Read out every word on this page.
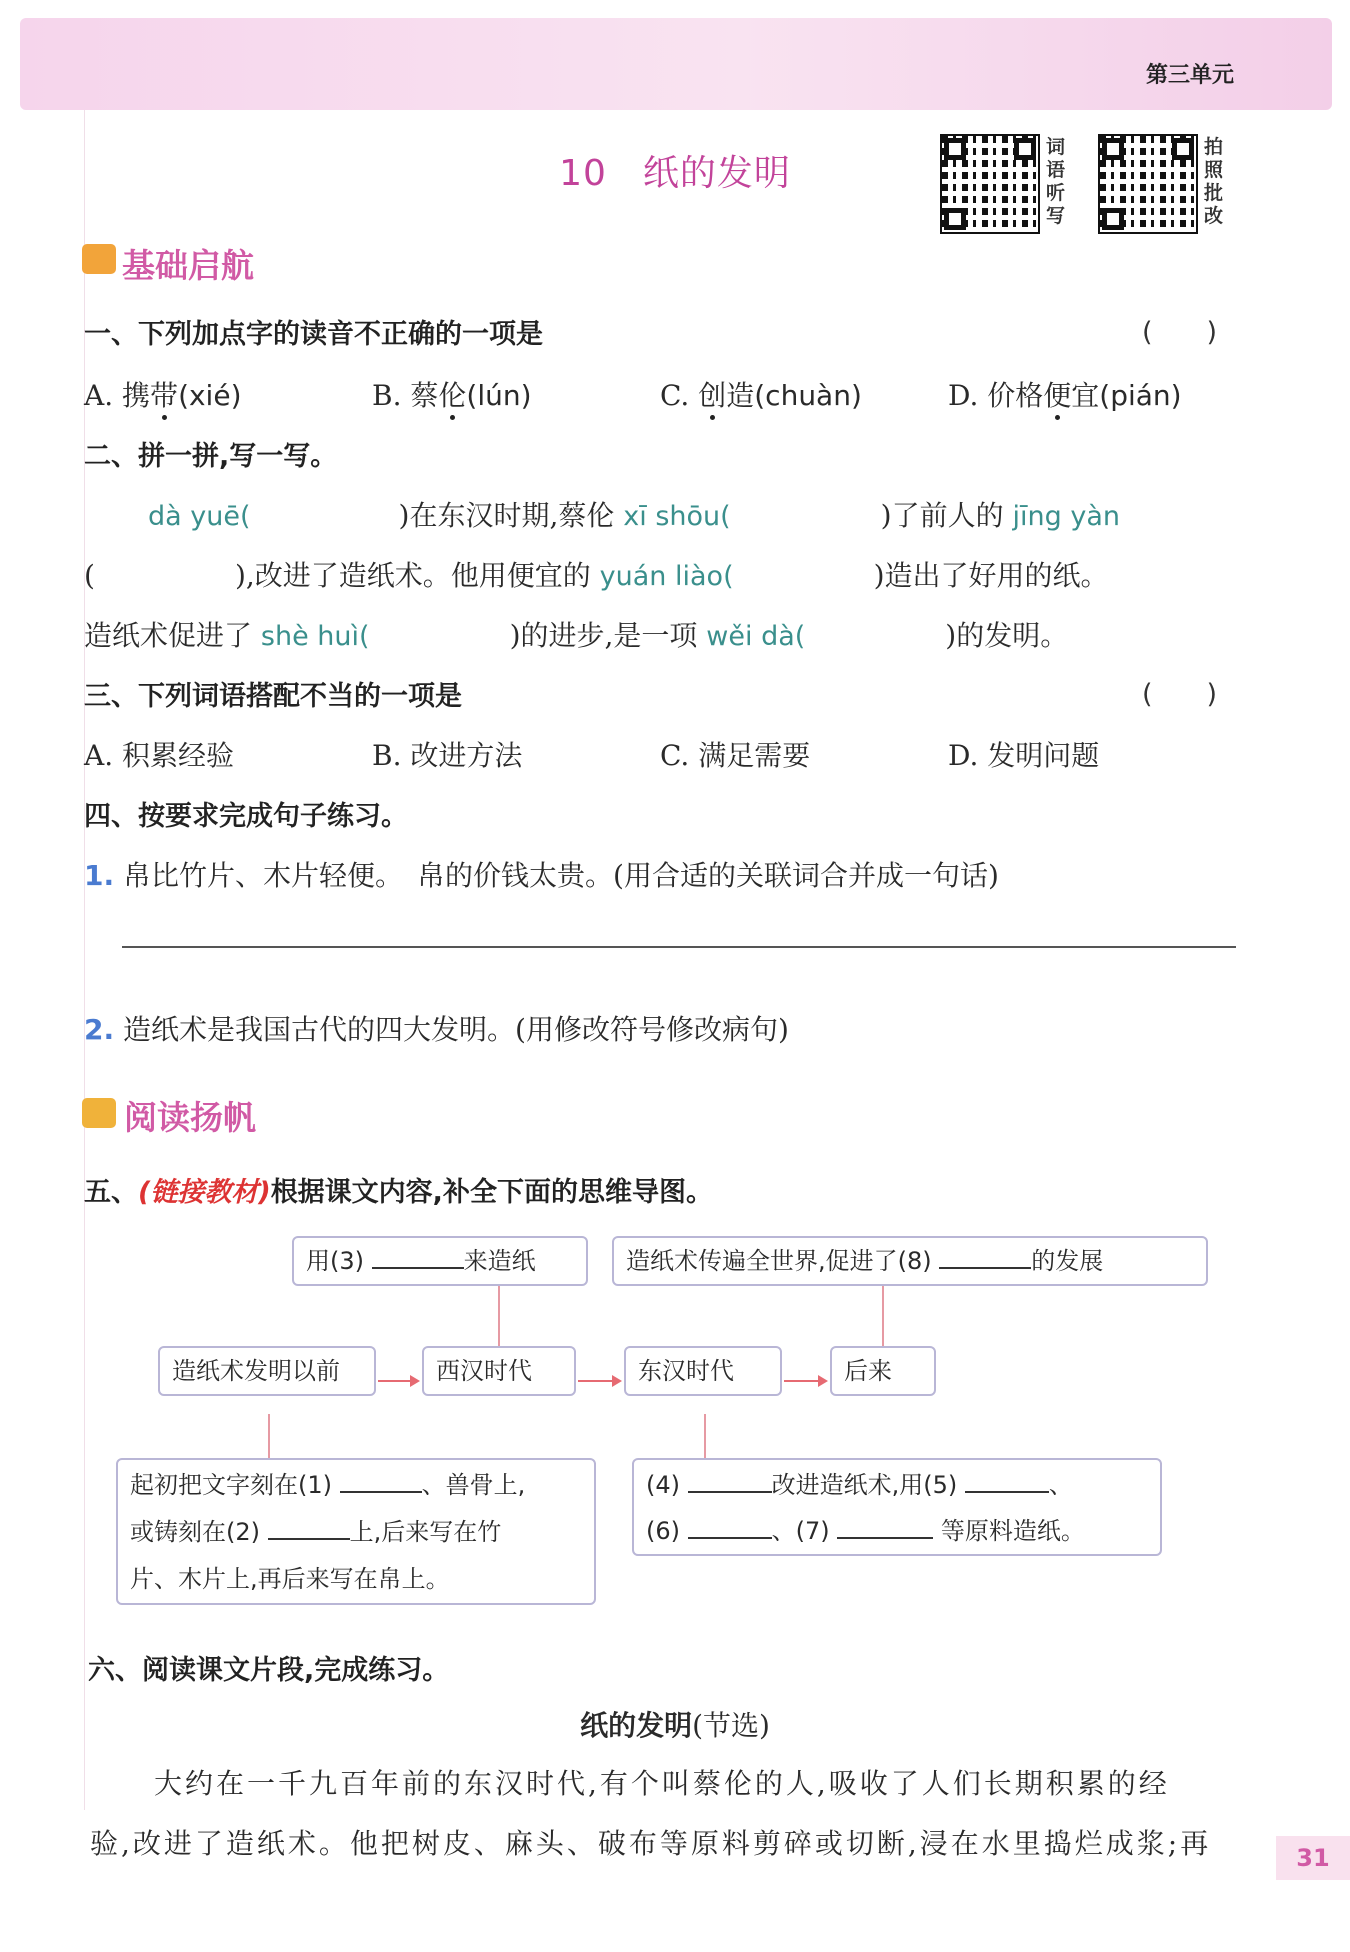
第三单元
10 纸的发明
词
语
听
写
拍
照
批
改
基础启航
一、下列加点字的读音不正确的一项是	(　　)
A. 携带(xié)	B. 蔡伦(lún)	C. 创造(chuàn)	D. 价格便宜(pián)
二、拼一拼,写一写。
dà yuē(	)在东汉时期,蔡伦 xī shōu(	)了前人的 jīng yàn
(	),改进了造纸术。他用便宜的 yuán liào(	)造出了好用的纸。
造纸术促进了 shè huì(	)的进步,是一项 wěi dà(	)的发明。
三、下列词语搭配不当的一项是	(　　)
A. 积累经验	B. 改进方法	C. 满足需要	D. 发明问题
四、按要求完成句子练习。
1. 帛比竹片、木片轻便。　帛的价钱太贵。(用合适的关联词合并成一句话)
2. 造纸术是我国古代的四大发明。(用修改符号修改病句)
阅读扬帆
五、(链接教材)根据课文内容,补全下面的思维导图。
用(3)	来造纸	造纸术传遍全世界,促进了(8)	的发展
造纸术发明以前	西汉时代	东汉时代	后来
起初把文字刻在(1)	、兽骨上,
或铸刻在(2)	上,后来写在竹
片、木片上,再后来写在帛上。
(4)	改进造纸术,用(5)	、
(6)	、(7)	等原料造纸。
六、阅读课文片段,完成练习。
纸的发明(节选)
大约在一千九百年前的东汉时代,有个叫蔡伦的人,吸收了人们长期积累的经
验,改进了造纸术。他把树皮、麻头、破布等原料剪碎或切断,浸在水里捣烂成浆;再	31
